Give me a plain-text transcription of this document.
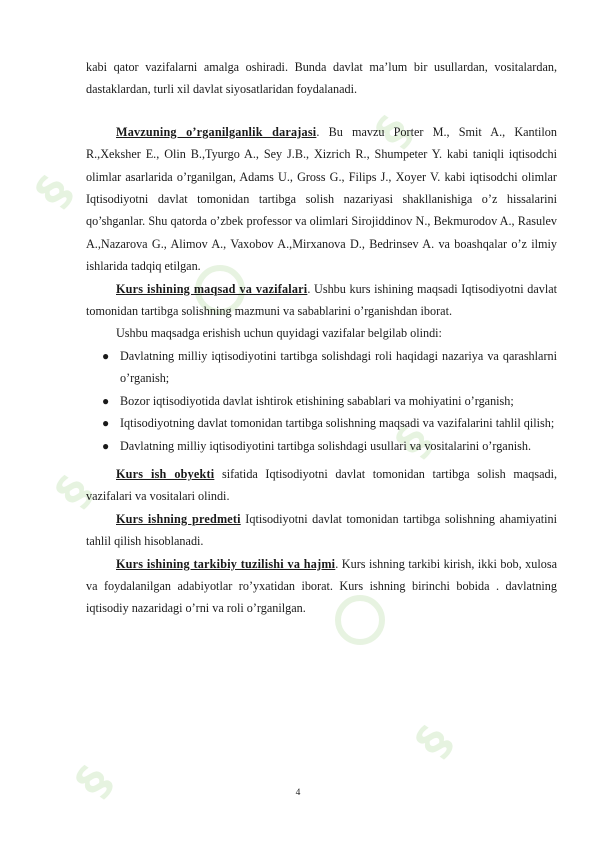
§
§
§
§
§
§

kabi qator vazifalarni amalga oshiradi. Bunda davlat ma’lum bir usullardan, vositalardan, dastaklardan, turli xil davlat siyosatlaridan foydalanadi.

Mavzuning o’rganilganlik darajasi. Bu mavzu Porter M., Smit A., Kantilon R.,Xeksher E., Olin B.,Tyurgo A., Sey J.B., Xizrich R., Shumpeter Y. kabi taniqli iqtisodchi olimlar asarlarida o’rganilgan, Adams U., Gross G., Filips J., Xoyer V. kabi iqtisodchi olimlar Iqtisodiyotni davlat tomonidan tartibga solish nazariyasi shakllanishiga o’z hissalarini qo’shganlar. Shu qatorda o’zbek professor va olimlari Sirojiddinov N., Bekmurodov A., Rasulev A.,Nazarova G., Alimov A., Vaxobov A.,Mirxanova D., Bedrinsev A. va boashqalar o’z ilmiy ishlarida tadqiq etilgan.

Kurs ishining maqsad va vazifalari. Ushbu kurs ishining maqsadi Iqtisodiyotni davlat tomonidan tartibga solishning mazmuni va sabablarini o’rganishdan iborat.

Ushbu maqsadga erishish uchun quyidagi vazifalar belgilab olindi:

● Davlatning milliy iqtisodiyotini tartibga solishdagi roli haqidagi nazariya va qarashlarni o’rganish;
● Bozor iqtisodiyotida davlat ishtirok etishining sabablari va mohiyatini o’rganish;
● Iqtisodiyotning davlat tomonidan tartibga solishning maqsadi va vazifalarini tahlil qilish;
● Davlatning milliy iqtisodiyotini tartibga solishdagi usullari va vositalarini o’rganish.

Kurs ish obyekti sifatida Iqtisodiyotni davlat tomonidan tartibga solish maqsadi, vazifalari va vositalari olindi.

Kurs ishning predmeti Iqtisodiyotni davlat tomonidan tartibga solishning ahamiyatini tahlil qilish hisoblanadi.

Kurs ishining tarkibiy tuzilishi va hajmi. Kurs ishning tarkibi kirish, ikki bob, xulosa va foydalanilgan adabiyotlar ro’yxatidan iborat. Kurs ishning birinchi bobida . davlatning iqtisodiy nazaridagi o’rni va roli o’rganilgan.

4
